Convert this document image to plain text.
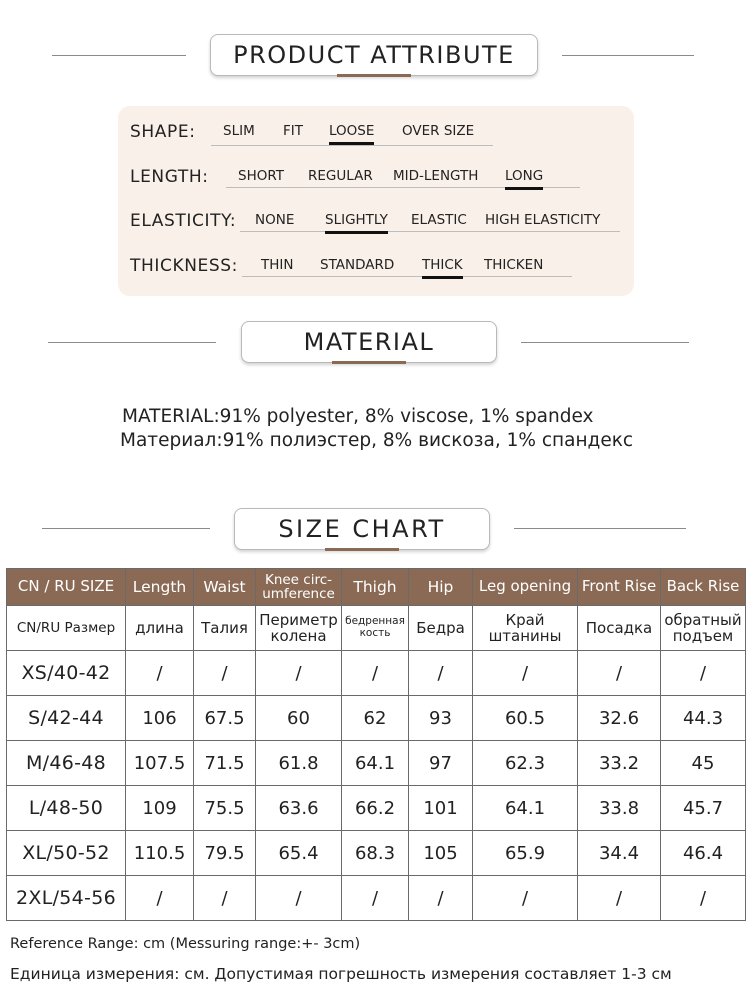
PRODUCT ATTRIBUTE
SHAPE: SLIM FIT LOOSE OVER SIZE
LENGTH: SHORT REGULAR MID-LENGTH LONG
ELASTICITY: NONE SLIGHTLY ELASTIC HIGH ELASTICITY
THICKNESS: THIN STANDARD THICK THICKEN
MATERIAL
MATERIAL:91% polyester, 8% viscose, 1% spandex
Материал:91% полиэстер, 8% вискоза, 1% спандекс
SIZE CHART
CN / RU SIZE	Length	Waist	Knee circ- umference	Thigh	Hip	Leg opening	Front Rise	Back Rise
CN/RU Размер	длина	Талия	Периметр колена	бедренная кость	Бедра	Край штанины	Посадка	обратный подъем
XS/40-42	/	/	/	/	/	/	/	/
S/42-44	106	67.5	60	62	93	60.5	32.6	44.3
M/46-48	107.5	71.5	61.8	64.1	97	62.3	33.2	45
L/48-50	109	75.5	63.6	66.2	101	64.1	33.8	45.7
XL/50-52	110.5	79.5	65.4	68.3	105	65.9	34.4	46.4
2XL/54-56	/	/	/	/	/	/	/	/
Reference Range: cm (Messuring range:+- 3cm)
Единица измерения: см. Допустимая погрешность измерения составляет 1-3 см
